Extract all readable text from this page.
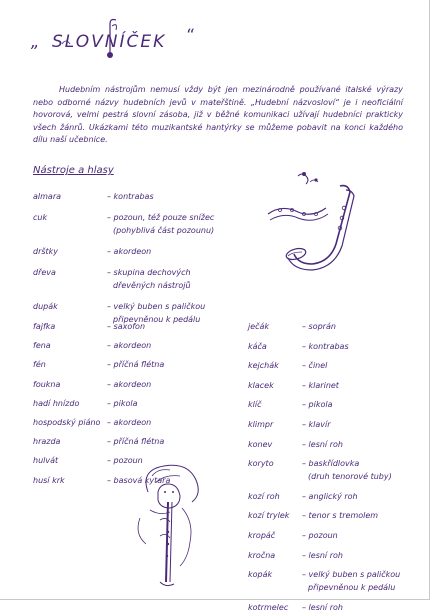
„ SLOVNÍČEK “

Hudebním nástrojům nemusí vždy být jen mezinárodně používané italské výrazy nebo odborné názvy hudebních jevů v mateřštině. „Hudební názvosloví“ je i neoficiální hovorová, velmi pestrá slovní zásoba, již v běžné komunikaci užívají hudebníci prakticky všech žánrů. Ukázkami této muzikantské hantýrky se můžeme pobavit na konci každého dílu naší učebnice.

Nástroje a hlasy
almara	– kontrabas
cuk	– pozoun, též pouze snížec
(pohyblivá část pozounu)
drštky	– akordeon
dřeva	– skupina dechových
dřevěných nástrojů
dupák	– velký buben s paličkou
připevněnou k pedálu
fajfka	– saxofon
fena	– akordeon
fén	– příčná flétna
foukna	– akordeon
hadí hnízdo	– pikola
hospodský piáno – akordeon
hrazda	– příčná flétna
hulvát	– pozoun
husí krk	– basová kytara
ječák	– soprán
káča	– kontrabas
kejchák	– činel
klacek	– klarinet
klíč	– pikola
klimpr	– klavír
konev	– lesní roh
koryto	– baskřídlovka
(druh tenorové tuby)
kozí roh	– anglický roh
kozí trylek – tenor s tremolem
kropáč	– pozoun
kročna	– lesní roh
kopák	– velký buben s paličkou
připevněnou k pedálu
kotrmelec – lesní roh
